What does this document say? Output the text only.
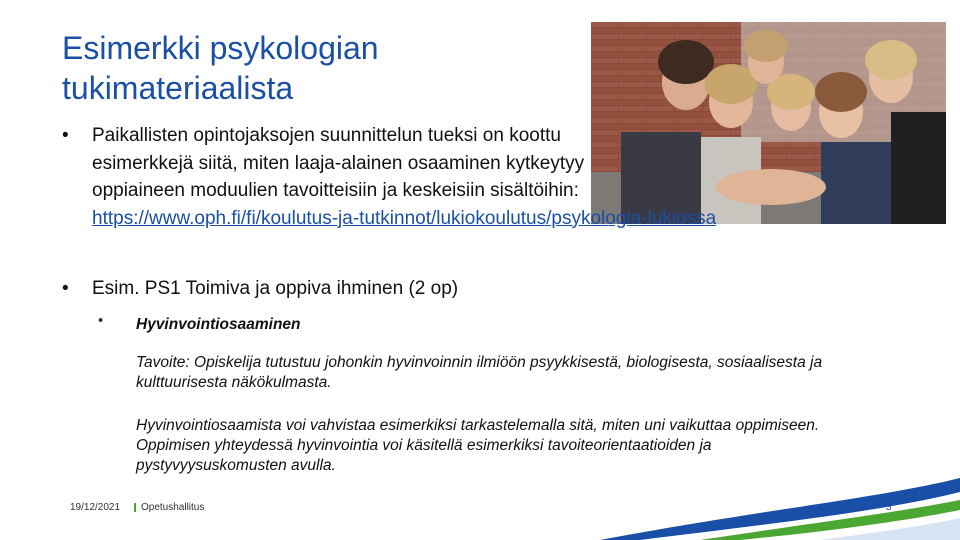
Esimerkki psykologian tukimateriaalista
• Paikallisten opintojaksojen suunnittelun tueksi on koottu esimerkkejä siitä, miten laaja-alainen osaaminen kytkeytyy oppiaineen moduulien tavoitteisiin ja keskeisiin sisältöihin:
https://www.oph.fi/fi/koulutus-ja-tutkinnot/lukiokoulutus/psykologia-lukiossa
• Esim. PS1 Toimiva ja oppiva ihminen (2 op)
• Hyvinvointiosaaminen
Tavoite: Opiskelija tutustuu johonkin hyvinvoinnin ilmiöön psyykkisestä, biologisesta, sosiaalisesta ja kulttuurisesta näkökulmasta.
Hyvinvointiosaamista voi vahvistaa esimerkiksi tarkastelemalla sitä, miten uni vaikuttaa oppimiseen. Oppimisen yhteydessä hyvinvointia voi käsitellä esimerkiksi tavoiteorientaatioiden ja pystyvyysuskomusten avulla.
19/12/2021 Opetushallitus	3
